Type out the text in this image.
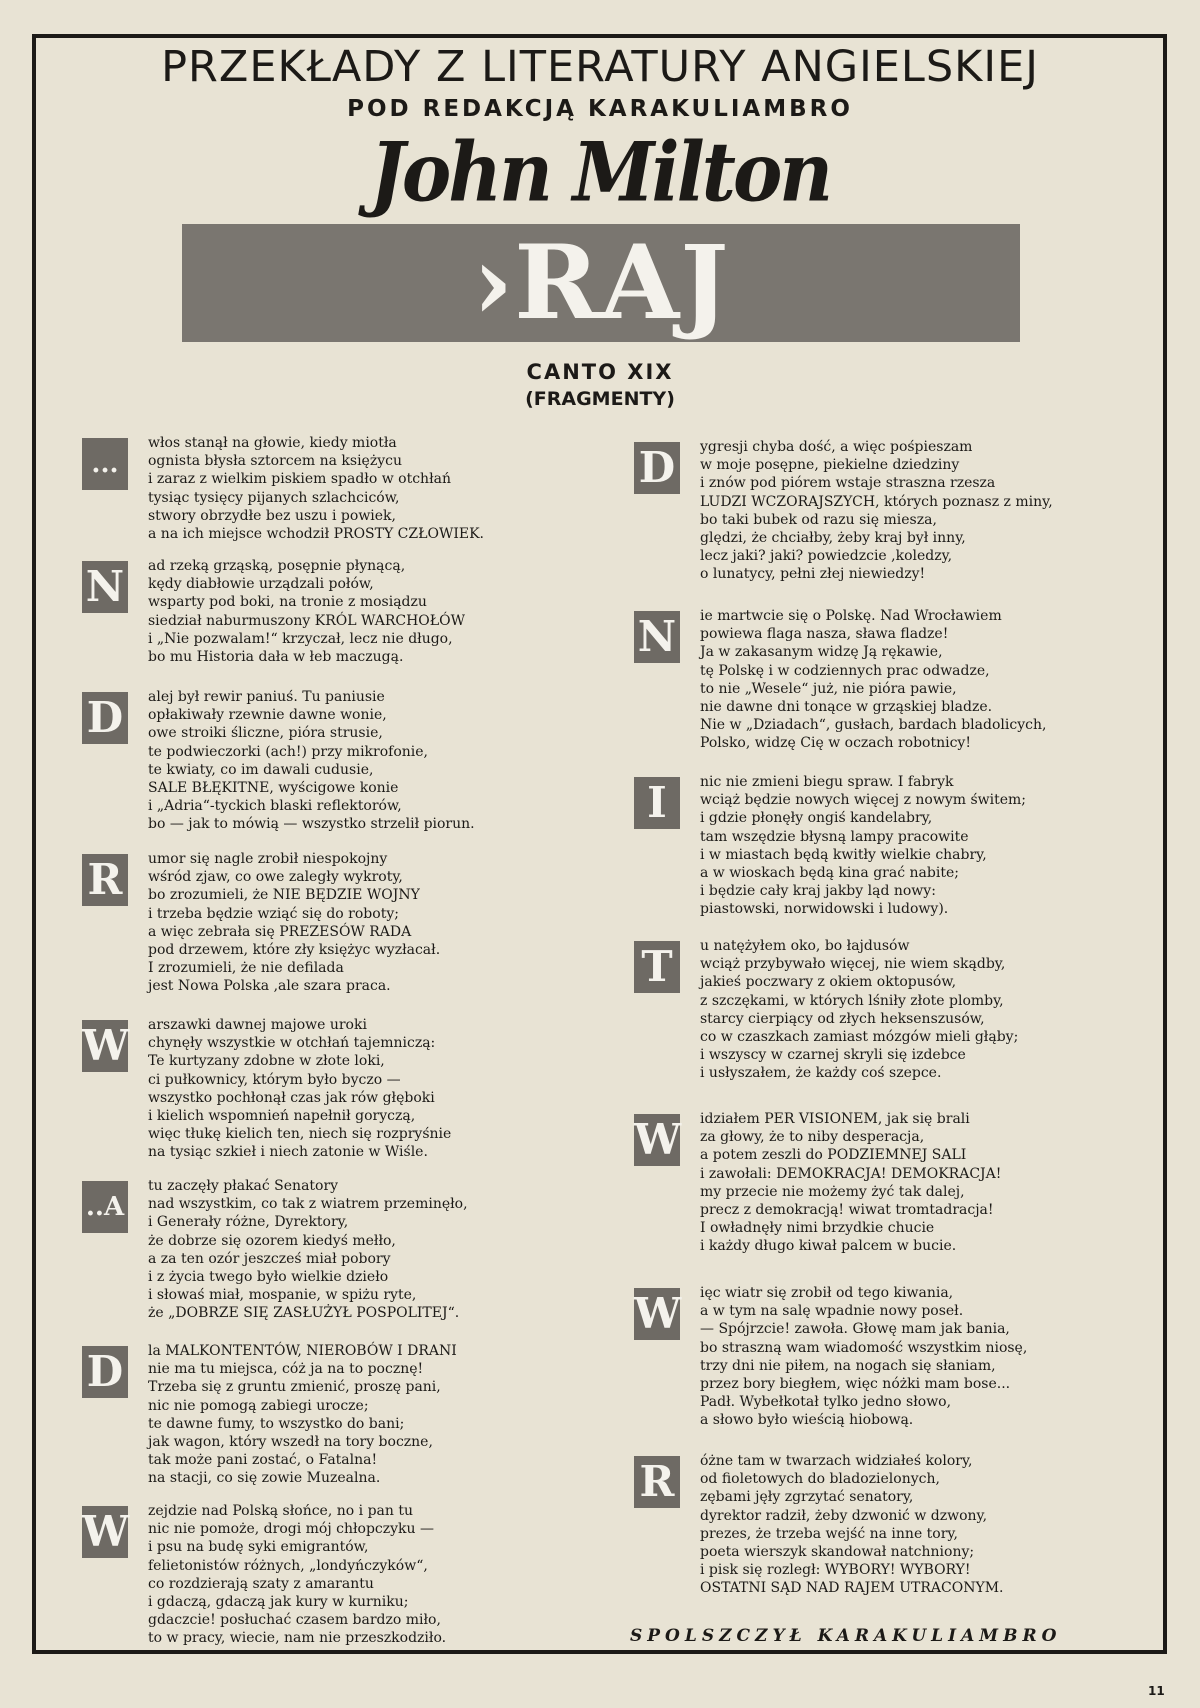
PRZEKŁADY Z LITERATURY ANGIELSKIEJ
POD REDAKCJĄ KARAKULIAMBRO
John Milton
›RAJ
CANTO XIX
(FRAGMENTY)
...
włos stanął na głowie, kiedy miotła
ognista błysła sztorcem na księżycu
i zaraz z wielkim piskiem spadło w otchłań
tysiąc tysięcy pijanych szlachciców,
stwory obrzydłe bez uszu i powiek,
a na ich miejsce wchodził PROSTY CZŁOWIEK.
N ad rzeką grząską, posępnie płynącą,
kędy diabłowie urządzali połów,
wsparty pod boki, na tronie z mosiądzu
siedział naburmuszony KRÓL WARCHOŁÓW
i „Nie pozwalam!“ krzyczał, lecz nie długo,
bo mu Historia dała w łeb maczugą.
D	alej był rewir paniuś. Tu paniusie
opłakiwały rzewnie dawne wonie,
owe stroiki śliczne, pióra strusie,
te podwieczorki (ach!) przy mikrofonie,
te kwiaty, co im dawali cudusie,
SALE BŁĘKITNE, wyścigowe konie
i „Adria“-tyckich blaski reflektorów,
bo — jak to mówią — wszystko strzelił piorun.
R	umor się nagle zrobił niespokojny
wśród zjaw, co owe zaległy wykroty,
bo zrozumieli, że NIE BĘDZIE WOJNY
i trzeba będzie wziąć się do roboty;
a więc zebrała się PREZESÓW RADA
pod drzewem, które zły księżyc wyzłacał.
I zrozumieli, że nie defilada
jest Nowa Polska ,ale szara praca.
W arszawki dawnej majowe uroki
chynęły wszystkie w otchłań tajemniczą:
Te kurtyzany zdobne w złote loki,
ci pułkownicy, którym było byczo —
wszystko pochłonął czas jak rów głęboki
i kielich wspomnień napełnił goryczą,
więc tłukę kielich ten, niech się rozpryśnie
na tysiąc szkieł i niech zatonie w Wiśle.
..A
tu zaczęły płakać Senatory
nad wszystkim, co tak z wiatrem przeminęło,
i Generały różne, Dyrektory,
że dobrze się ozorem kiedyś mełło,
a za ten ozór jeszcześ miał pobory
i z życia twego było wielkie dzieło
i słowaś miał, mospanie, w spiżu ryte,
że „DOBRZE SIĘ ZASŁUŻYŁ POSPOLITEJ“.
D	la MALKONTENTÓW, NIEROBÓW I DRANI
nie ma tu miejsca, cóż ja na to pocznę!
Trzeba się z gruntu zmienić, proszę pani,
nic nie pomogą zabiegi urocze;
te dawne fumy, to wszystko do bani;
jak wagon, który wszedł na tory boczne,
tak może pani zostać, o Fatalna!
na stacji, co się zowie Muzealna.
W zejdzie nad Polską słońce, no i pan tu
nic nie pomoże, drogi mój chłopczyku —
i psu na budę syki emigrantów,
felietonistów różnych, „londyńczyków“,
co rozdzierają szaty z amarantu
i gdaczą, gdaczą jak kury w kurniku;
gdaczcie! posłuchać czasem bardzo miło,
to w pracy, wiecie, nam nie przeszkodziło.
D	ygresji chyba dość, a więc pośpieszam
w moje posępne, piekielne dziedziny
i znów pod piórem wstaje straszna rzesza
LUDZI WCZORAJSZYCH, których poznasz z miny,
bo taki bubek od razu się miesza,
ględzi, że chciałby, żeby kraj był inny,
lecz jaki? jaki? powiedzcie ,koledzy,
o lunatycy, pełni złej niewiedzy!
N ie martwcie się o Polskę. Nad Wrocławiem
powiewa flaga nasza, sława fladze!
Ja w zakasanym widzę Ją rękawie,
tę Polskę i w codziennych prac odwadze,
to nie „Wesele“ już, nie pióra pawie,
nie dawne dni tonące w grząskiej bladze.
Nie w „Dziadach“, gusłach, bardach bladolicych,
Polsko, widzę Cię w oczach robotnicy!
I	nic nie zmieni biegu spraw. I fabryk
wciąż będzie nowych więcej z nowym świtem;
i gdzie płonęły ongiś kandelabry,
tam wszędzie błysną lampy pracowite
i w miastach będą kwitły wielkie chabry,
a w wioskach będą kina grać nabite;
i będzie cały kraj jakby ląd nowy:
piastowski, norwidowski i ludowy).
T	u natężyłem oko, bo łajdusów
wciąż przybywało więcej, nie wiem skądby,
jakieś poczwary z okiem oktopusów,
z szczękami, w których lśniły złote plomby,
starcy cierpiący od złych heksenszusów,
co w czaszkach zamiast mózgów mieli głąby;
i wszyscy w czarnej skryli się izdebce
i usłyszałem, że każdy coś szepce.
W idziałem PER VISIONEM, jak się brali
za głowy, że to niby desperacja,
a potem zeszli do PODZIEMNEJ SALI
i zawołali: DEMOKRACJA! DEMOKRACJA!
my przecie nie możemy żyć tak dalej,
precz z demokracją! wiwat tromtadracja!
I owładnęły nimi brzydkie chucie
i każdy długo kiwał palcem w bucie.
W ięc wiatr się zrobił od tego kiwania,
a w tym na salę wpadnie nowy poseł.
— Spójrzcie! zawoła. Głowę mam jak bania,
bo straszną wam wiadomość wszystkim niosę,
trzy dni nie piłem, na nogach się słaniam,
przez bory biegłem, więc nóżki mam bose...
Padł. Wybełkotał tylko jedno słowo,
a słowo było wieścią hiobową.
R	óżne tam w twarzach widziałeś kolory,
od fioletowych do bladozielonych,
zębami jęły zgrzytać senatory,
dyrektor radził, żeby dzwonić w dzwony,
prezes, że trzeba wejść na inne tory,
poeta wierszyk skandował natchniony;
i pisk się rozległ: WYBORY! WYBORY!
OSTATNI SĄD NAD RAJEM UTRACONYM.
SPOLSZCZYŁ KARAKULIAMBRO
11
